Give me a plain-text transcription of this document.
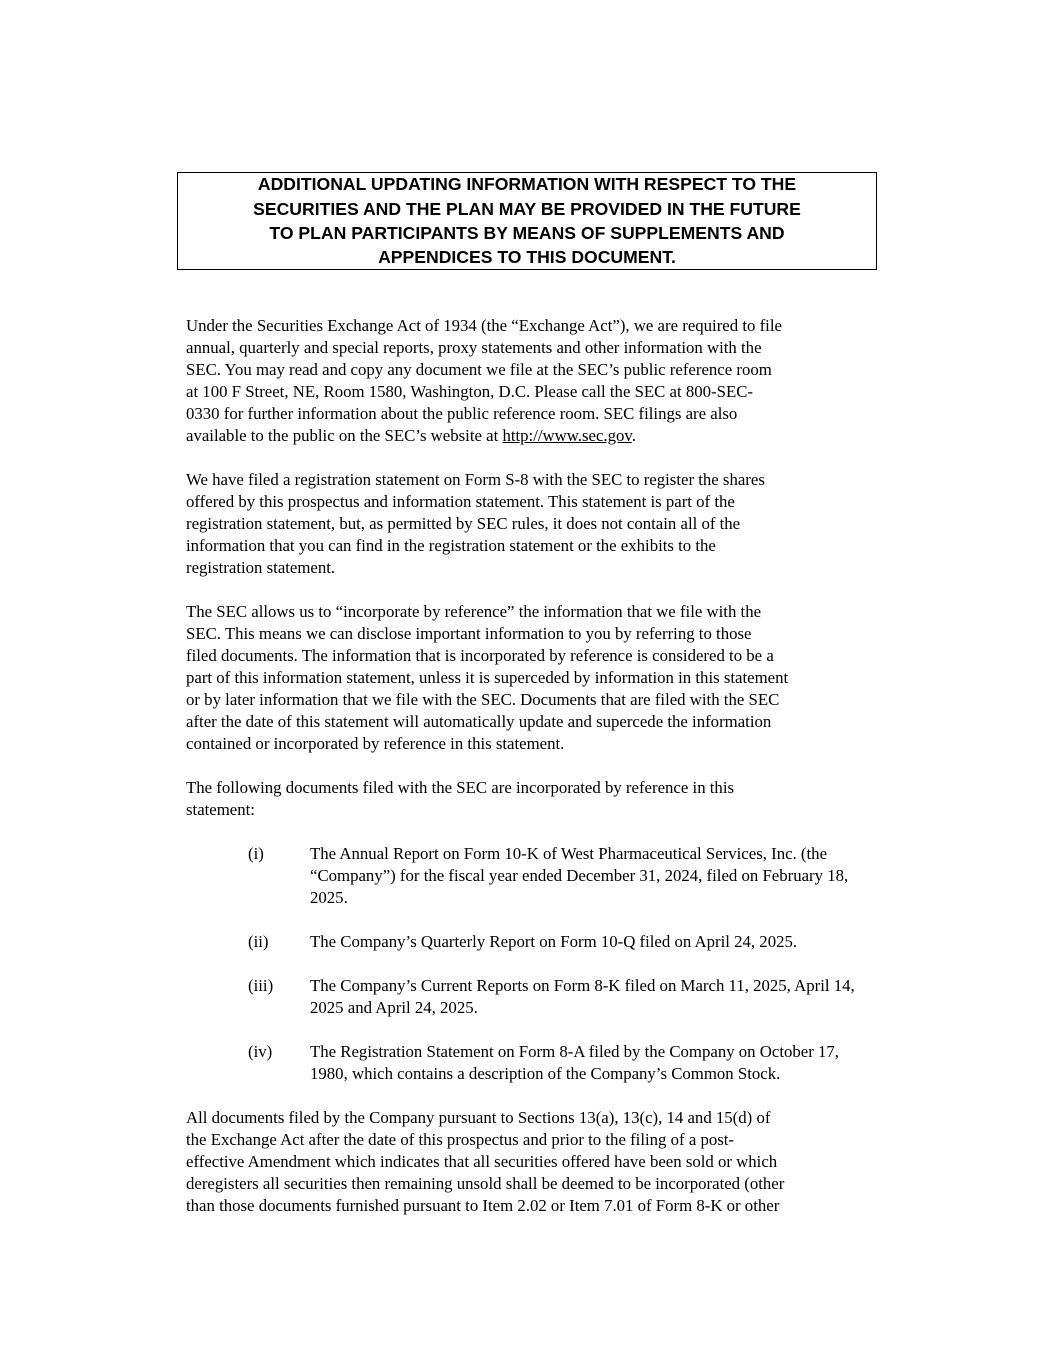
ADDITIONAL UPDATING INFORMATION WITH RESPECT TO THE
SECURITIES AND THE PLAN MAY BE PROVIDED IN THE FUTURE
TO PLAN PARTICIPANTS BY MEANS OF SUPPLEMENTS AND
APPENDICES TO THIS DOCUMENT.

Under the Securities Exchange Act of 1934 (the “Exchange Act”), we are required to file
annual, quarterly and special reports, proxy statements and other information with the
SEC. You may read and copy any document we file at the SEC’s public reference room
at 100 F Street, NE, Room 1580, Washington, D.C. Please call the SEC at 800-SEC-
0330 for further information about the public reference room. SEC filings are also
available to the public on the SEC’s website at http://www.sec.gov.

We have filed a registration statement on Form S-8 with the SEC to register the shares
offered by this prospectus and information statement. This statement is part of the
registration statement, but, as permitted by SEC rules, it does not contain all of the
information that you can find in the registration statement or the exhibits to the
registration statement.

The SEC allows us to “incorporate by reference” the information that we file with the
SEC. This means we can disclose important information to you by referring to those
filed documents. The information that is incorporated by reference is considered to be a
part of this information statement, unless it is superceded by information in this statement
or by later information that we file with the SEC. Documents that are filed with the SEC
after the date of this statement will automatically update and supercede the information
contained or incorporated by reference in this statement.

The following documents filed with the SEC are incorporated by reference in this
statement:

(i)	The Annual Report on Form 10-K of West Pharmaceutical Services, Inc. (the
“Company”) for the fiscal year ended December 31, 2024, filed on February 18,
2025.
(ii)	The Company’s Quarterly Report on Form 10-Q filed on April 24, 2025.
(iii)	The Company’s Current Reports on Form 8-K filed on March 11, 2025, April 14,
2025 and April 24, 2025.
(iv)	The Registration Statement on Form 8-A filed by the Company on October 17,
1980, which contains a description of the Company’s Common Stock.

All documents filed by the Company pursuant to Sections 13(a), 13(c), 14 and 15(d) of
the Exchange Act after the date of this prospectus and prior to the filing of a post-
effective Amendment which indicates that all securities offered have been sold or which
deregisters all securities then remaining unsold shall be deemed to be incorporated (other
than those documents furnished pursuant to Item 2.02 or Item 7.01 of Form 8-K or other
